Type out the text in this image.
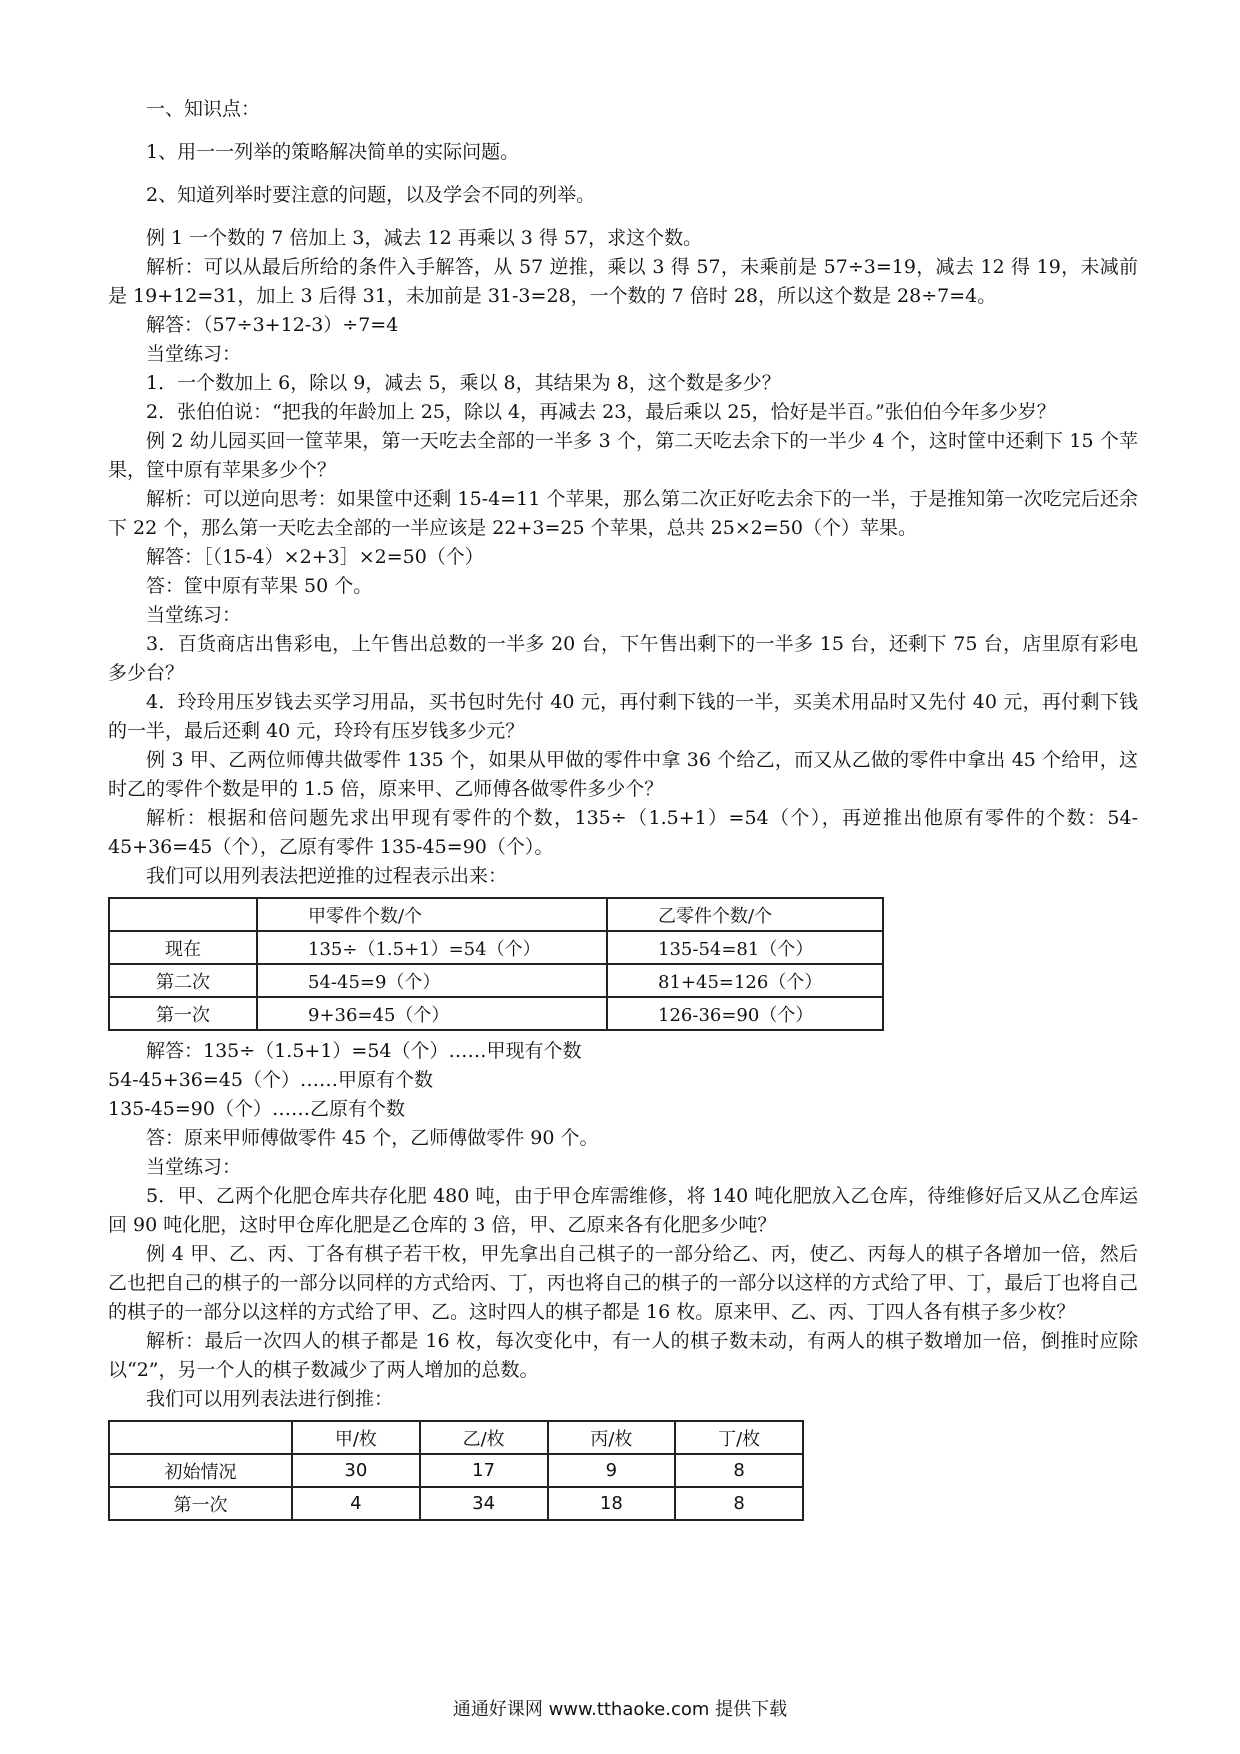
一、知识点：

1、用一一列举的策略解决简单的实际问题。

2、知道列举时要注意的问题，以及学会不同的列举。

例 1 一个数的 7 倍加上 3，减去 12 再乘以 3 得 57，求这个数。

解析：可以从最后所给的条件入手解答，从 57 逆推，乘以 3 得 57，未乘前是 57÷3=19，减去 12 得 19，未减前是 19+12=31，加上 3 后得 31，未加前是 31-3=28，一个数的 7 倍时 28，所以这个数是 28÷7=4。

解答：（57÷3+12-3）÷7=4

当堂练习：

1．一个数加上 6，除以 9，减去 5，乘以 8，其结果为 8，这个数是多少？

2．张伯伯说：“把我的年龄加上 25，除以 4，再减去 23，最后乘以 25，恰好是半百。”张伯伯今年多少岁？

例 2 幼儿园买回一筐苹果，第一天吃去全部的一半多 3 个，第二天吃去余下的一半少 4 个，这时筐中还剩下 15 个苹果，筐中原有苹果多少个？

解析：可以逆向思考：如果筐中还剩 15-4=11 个苹果，那么第二次正好吃去余下的一半，于是推知第一次吃完后还余下 22 个，那么第一天吃去全部的一半应该是 22+3=25 个苹果，总共 25×2=50（个）苹果。

解答：［（15-4）×2+3］×2=50（个）

答：筐中原有苹果 50 个。

当堂练习：

3．百货商店出售彩电，上午售出总数的一半多 20 台，下午售出剩下的一半多 15 台，还剩下 75 台，店里原有彩电多少台？

4．玲玲用压岁钱去买学习用品，买书包时先付 40 元，再付剩下钱的一半，买美术用品时又先付 40 元，再付剩下钱的一半，最后还剩 40 元，玲玲有压岁钱多少元？

例 3 甲、乙两位师傅共做零件 135 个，如果从甲做的零件中拿 36 个给乙，而又从乙做的零件中拿出 45 个给甲，这时乙的零件个数是甲的 1.5 倍，原来甲、乙师傅各做零件多少个？

解析：根据和倍问题先求出甲现有零件的个数，135÷（1.5+1）=54（个），再逆推出他原有零件的个数：54-45+36=45（个），乙原有零件 135-45=90（个）。

我们可以用列表法把逆推的过程表示出来：

	甲零件个数/个	乙零件个数/个
现在	135÷（1.5+1）=54（个）	135-54=81（个）
第二次	54-45=9（个）	81+45=126（个）
第一次	9+36=45（个）	126-36=90（个）

解答：135÷（1.5+1）=54（个）……甲现有个数

54-45+36=45（个）……甲原有个数

135-45=90（个）……乙原有个数

答：原来甲师傅做零件 45 个，乙师傅做零件 90 个。

当堂练习：

5．甲、乙两个化肥仓库共存化肥 480 吨，由于甲仓库需维修，将 140 吨化肥放入乙仓库，待维修好后又从乙仓库运回 90 吨化肥，这时甲仓库化肥是乙仓库的 3 倍，甲、乙原来各有化肥多少吨？

例 4 甲、乙、丙、丁各有棋子若干枚，甲先拿出自己棋子的一部分给乙、丙，使乙、丙每人的棋子各增加一倍，然后乙也把自己的棋子的一部分以同样的方式给丙、丁，丙也将自己的棋子的一部分以这样的方式给了甲、丁，最后丁也将自己的棋子的一部分以这样的方式给了甲、乙。这时四人的棋子都是 16 枚。原来甲、乙、丙、丁四人各有棋子多少枚？

解析：最后一次四人的棋子都是 16 枚，每次变化中，有一人的棋子数未动，有两人的棋子数增加一倍，倒推时应除以“2”，另一个人的棋子数减少了两人增加的总数。

我们可以用列表法进行倒推：

	甲/枚	乙/枚	丙/枚	丁/枚
初始情况	30	17	9	8
第一次	4	34	18	8
通通好课网 www.tthaoke.com 提供下载
